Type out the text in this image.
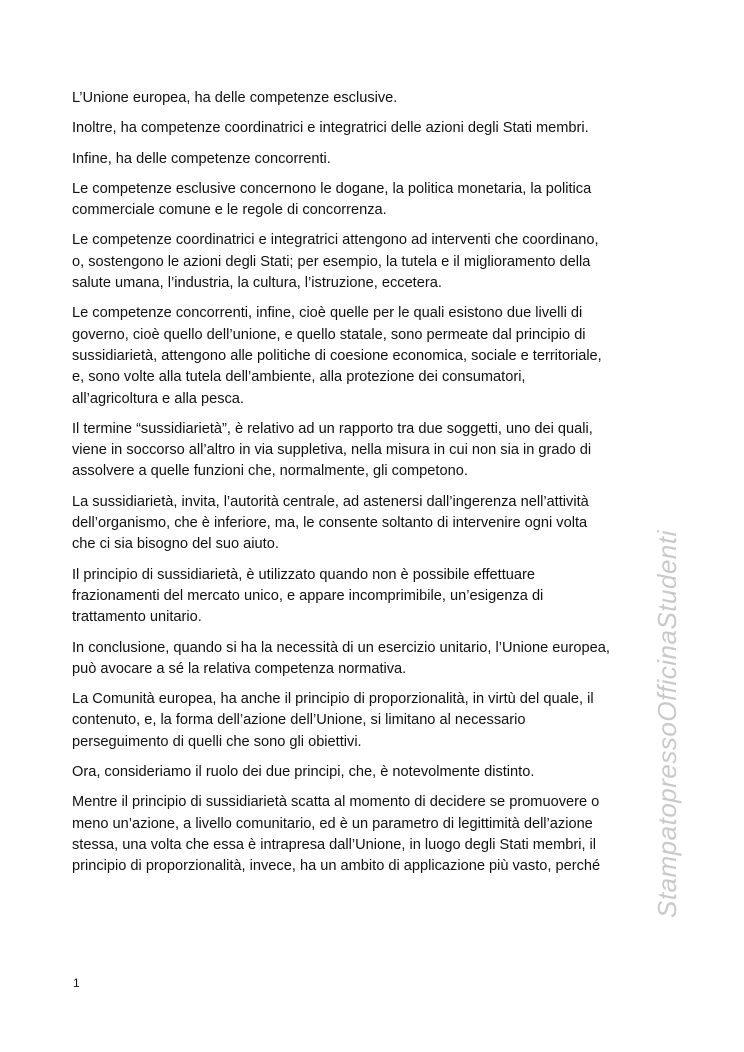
L’Unione europea, ha delle competenze esclusive.

Inoltre, ha competenze coordinatrici e integratrici delle azioni degli Stati membri.

Infine, ha delle competenze concorrenti.

Le competenze esclusive concernono le dogane, la politica monetaria, la politica
commerciale comune e le regole di concorrenza.

Le competenze coordinatrici e integratrici attengono ad interventi che coordinano,
o, sostengono le azioni degli Stati; per esempio, la tutela e il miglioramento della
salute umana, l’industria, la cultura, l’istruzione, eccetera.

Le competenze concorrenti, infine, cioè quelle per le quali esistono due livelli di
governo, cioè quello dell’unione, e quello statale, sono permeate dal principio di
sussidiarietà, attengono alle politiche di coesione economica, sociale e territoriale,
e, sono volte alla tutela dell’ambiente, alla protezione dei consumatori,
all’agricoltura e alla pesca.

Il termine “sussidiarietà”, è relativo ad un rapporto tra due soggetti, uno dei quali,
viene in soccorso all’altro in via suppletiva, nella misura in cui non sia in grado di
assolvere a quelle funzioni che, normalmente, gli competono.

La sussidiarietà, invita, l’autorità centrale, ad astenersi dall’ingerenza nell’attività
dell’organismo, che è inferiore, ma, le consente soltanto di intervenire ogni volta
che ci sia bisogno del suo aiuto.

Il principio di sussidiarietà, è utilizzato quando non è possibile effettuare
frazionamenti del mercato unico, e appare incomprimibile, un’esigenza di
trattamento unitario.

In conclusione, quando si ha la necessità di un esercizio unitario, l’Unione europea,
può avocare a sé la relativa competenza normativa.

La Comunità europea, ha anche il principio di proporzionalità, in virtù del quale, il
contenuto, e, la forma dell’azione dell’Unione, si limitano al necessario
perseguimento di quelli che sono gli obiettivi.

Ora, consideriamo il ruolo dei due principi, che, è notevolmente distinto.

Mentre il principio di sussidiarietà scatta al momento di decidere se promuovere o
meno un’azione, a livello comunitario, ed è un parametro di legittimità dell’azione
stessa, una volta che essa è intrapresa dall’Unione, in luogo degli Stati membri, il
principio di proporzionalità, invece, ha un ambito di applicazione più vasto, perché

1
StampatopressoOfficinaStudenti
